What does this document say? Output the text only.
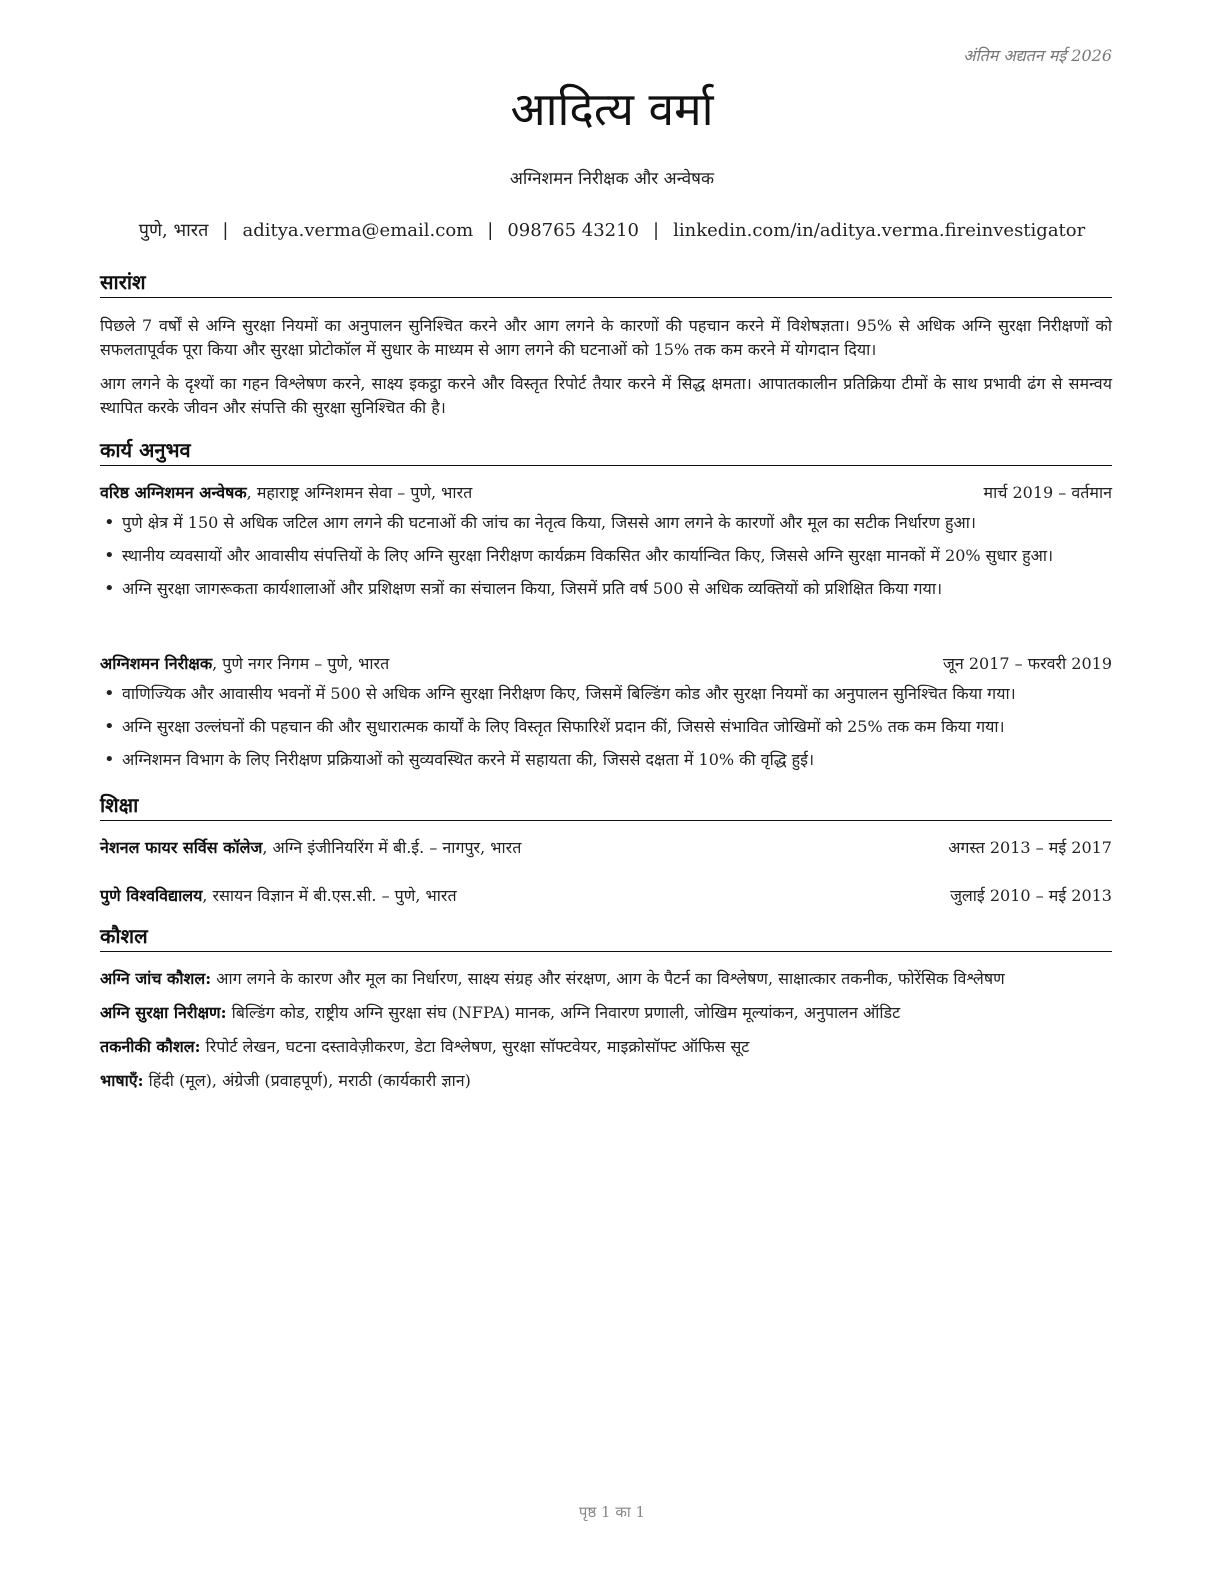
अंतिम अद्यतन मई 2026
आदित्य वर्मा
अग्निशमन निरीक्षक और अन्वेषक
पुणे, भारत | aditya.verma@email.com | 098765 43210 | linkedin.com/in/aditya.verma.fireinvestigator
सारांश
पिछले 7 वर्षों से अग्नि सुरक्षा नियमों का अनुपालन सुनिश्चित करने और आग लगने के कारणों की पहचान करने में विशेषज्ञता। 95% से अधिक अग्नि सुरक्षा निरीक्षणों को सफलतापूर्वक पूरा किया और सुरक्षा प्रोटोकॉल में सुधार के माध्यम से आग लगने की घटनाओं को 15% तक कम करने में योगदान दिया।
आग लगने के दृश्यों का गहन विश्लेषण करने, साक्ष्य इकट्ठा करने और विस्तृत रिपोर्ट तैयार करने में सिद्ध क्षमता। आपातकालीन प्रतिक्रिया टीमों के साथ प्रभावी ढंग से समन्वय स्थापित करके जीवन और संपत्ति की सुरक्षा सुनिश्चित की है।
कार्य अनुभव
वरिष्ठ अग्निशमन अन्वेषक, महाराष्ट्र अग्निशमन सेवा – पुणे, भारत	मार्च 2019 – वर्तमान
• पुणे क्षेत्र में 150 से अधिक जटिल आग लगने की घटनाओं की जांच का नेतृत्व किया, जिससे आग लगने के कारणों और मूल का सटीक निर्धारण हुआ।
• स्थानीय व्यवसायों और आवासीय संपत्तियों के लिए अग्नि सुरक्षा निरीक्षण कार्यक्रम विकसित और कार्यान्वित किए, जिससे अग्नि सुरक्षा मानकों में 20% सुधार हुआ।
• अग्नि सुरक्षा जागरूकता कार्यशालाओं और प्रशिक्षण सत्रों का संचालन किया, जिसमें प्रति वर्ष 500 से अधिक व्यक्तियों को प्रशिक्षित किया गया।
अग्निशमन निरीक्षक, पुणे नगर निगम – पुणे, भारत	जून 2017 – फरवरी 2019
• वाणिज्यिक और आवासीय भवनों में 500 से अधिक अग्नि सुरक्षा निरीक्षण किए, जिसमें बिल्डिंग कोड और सुरक्षा नियमों का अनुपालन सुनिश्चित किया गया।
• अग्नि सुरक्षा उल्लंघनों की पहचान की और सुधारात्मक कार्यों के लिए विस्तृत सिफारिशें प्रदान कीं, जिससे संभावित जोखिमों को 25% तक कम किया गया।
• अग्निशमन विभाग के लिए निरीक्षण प्रक्रियाओं को सुव्यवस्थित करने में सहायता की, जिससे दक्षता में 10% की वृद्धि हुई।
शिक्षा
नेशनल फायर सर्विस कॉलेज, अग्नि इंजीनियरिंग में बी.ई. – नागपुर, भारत	अगस्त 2013 – मई 2017
पुणे विश्वविद्यालय, रसायन विज्ञान में बी.एस.सी. – पुणे, भारत	जुलाई 2010 – मई 2013
कौशल
अग्नि जांच कौशल: आग लगने के कारण और मूल का निर्धारण, साक्ष्य संग्रह और संरक्षण, आग के पैटर्न का विश्लेषण, साक्षात्कार तकनीक, फोरेंसिक विश्लेषण
अग्नि सुरक्षा निरीक्षण: बिल्डिंग कोड, राष्ट्रीय अग्नि सुरक्षा संघ (NFPA) मानक, अग्नि निवारण प्रणाली, जोखिम मूल्यांकन, अनुपालन ऑडिट
तकनीकी कौशल: रिपोर्ट लेखन, घटना दस्तावेज़ीकरण, डेटा विश्लेषण, सुरक्षा सॉफ्टवेयर, माइक्रोसॉफ्ट ऑफिस सूट
भाषाएँ: हिंदी (मूल), अंग्रेजी (प्रवाहपूर्ण), मराठी (कार्यकारी ज्ञान)
पृष्ठ 1 का 1
